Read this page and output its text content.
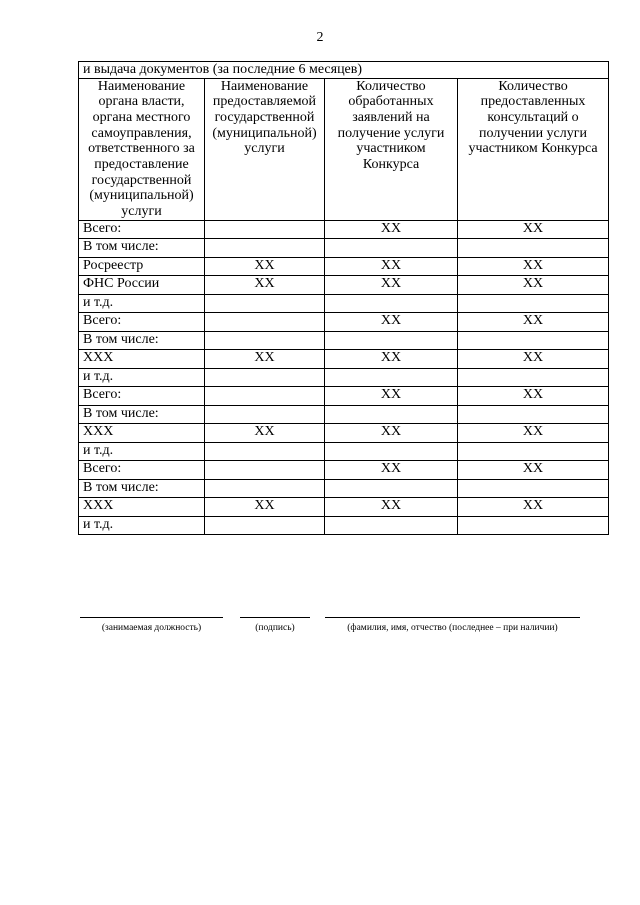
2
и выдача документов (за последние 6 месяцев)			
Наименование органа власти, органа местного самоуправления, ответственного за предоставление государственной (муниципальной) услуги	Наименование предоставляемой государственной (муниципальной) услуги	Количество обработанных заявлений на получение услуги участником Конкурса	Количество предоставленных консультаций о получении услуги участником Конкурса
Всего:		ХХ	ХХ
В том числе:			
Росреестр	ХХ	ХХ	ХХ
ФНС России	ХХ	ХХ	ХХ
и т.д.			
Всего:		ХХ	ХХ
В том числе:			
ХХХ	ХХ	ХХ	ХХ
и т.д.			
Всего:		ХХ	ХХ
В том числе:			
ХХХ	ХХ	ХХ	ХХ
и т.д.			
Всего:		ХХ	ХХ
В том числе:			
ХХХ	ХХ	ХХ	ХХ
и т.д.			
(занимаемая должность)	(подпись)	(фамилия, имя, отчество (последнее – при наличии)
